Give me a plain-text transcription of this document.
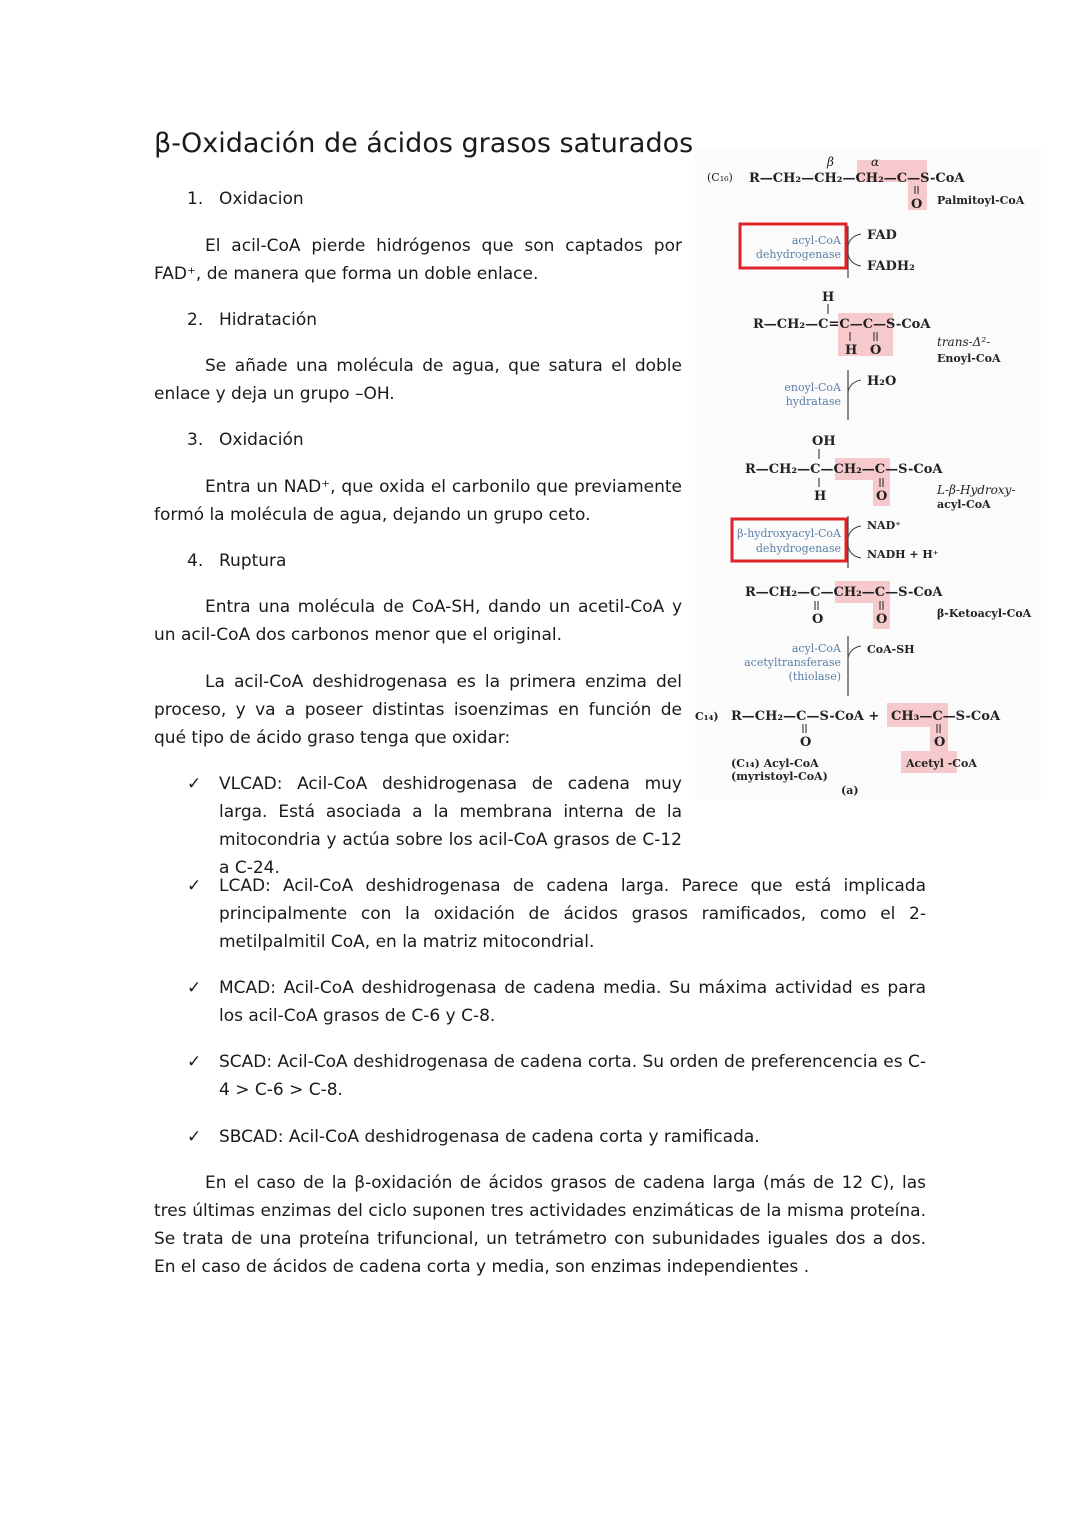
β-Oxidación de ácidos grasos saturados
1. Oxidacion

El acil-CoA pierde hidrógenos que son captados por FAD⁺, de manera que forma un doble enlace.

2. Hidratación

Se añade una molécula de agua, que satura el doble enlace y deja un grupo –OH.

3. Oxidación

Entra un NAD⁺, que oxida el carbonilo que previamente formó la molécula de agua, dejando un grupo ceto.

4. Ruptura

Entra una molécula de CoA-SH, dando un acetil-CoA y un acil-CoA dos carbonos menor que el original.

La acil-CoA deshidrogenasa es la primera enzima del proceso, y va a poseer distintas isoenzimas en función de qué tipo de ácido graso tenga que oxidar:

✓ VLCAD: Acil-CoA deshidrogenasa de cadena muy larga. Está asociada a la membrana interna de la mitocondria y actúa sobre los acil-CoA grasos de C-12 a C-24.

✓ LCAD: Acil-CoA deshidrogenasa de cadena larga. Parece que está implicada principalmente con la oxidación de ácidos grasos ramificados, como el 2-metilpalmitil CoA, en la matriz mitocondrial.

✓ MCAD: Acil-CoA deshidrogenasa de cadena media. Su máxima actividad es para los acil-CoA grasos de C-6 y C-8.

✓ SCAD: Acil-CoA deshidrogenasa de cadena corta. Su orden de preferencencia es C-4 > C-6 > C-8.

✓ SBCAD: Acil-CoA deshidrogenasa de cadena corta y ramificada.

En el caso de la β-oxidación de ácidos grasos de cadena larga (más de 12 C), las tres últimas enzimas del ciclo suponen tres actividades enzimáticas de la misma proteína. Se trata de una proteína trifuncional, un tetrámetro con subunidades iguales dos a dos. En el caso de ácidos de cadena corta y media, son enzimas independientes .

(C₁₆)
β	α
R—CH₂—CH₂—CH₂—C—S-CoA
O Palmitoyl-CoA
acyl-CoA
dehydrogenase
FAD
FADH₂
H
R—CH₂—C=C—C—S-CoA
H O
trans-Δ²-
Enoyl-CoA
enoyl-CoA
hydratase
H₂O
OH
R—CH₂—C—CH₂—C—S-CoA
H	O	L-β-Hydroxy-
acyl-CoA
β-hydroxyacyl-CoA
dehydrogenase
NAD⁺
NADH + H⁺
R—CH₂—C—CH₂—C—S-CoA
O	O	β-Ketoacyl-CoA
acyl-CoA
acetyltransferase
(thiolase)
CoA-SH
C₁₄) R—CH₂—C—S-CoA +
O
CH₃—C—S-CoA
O
(C₁₄) Acyl-CoA
(myristoyl-CoA)
Acetyl -CoA
(a)
